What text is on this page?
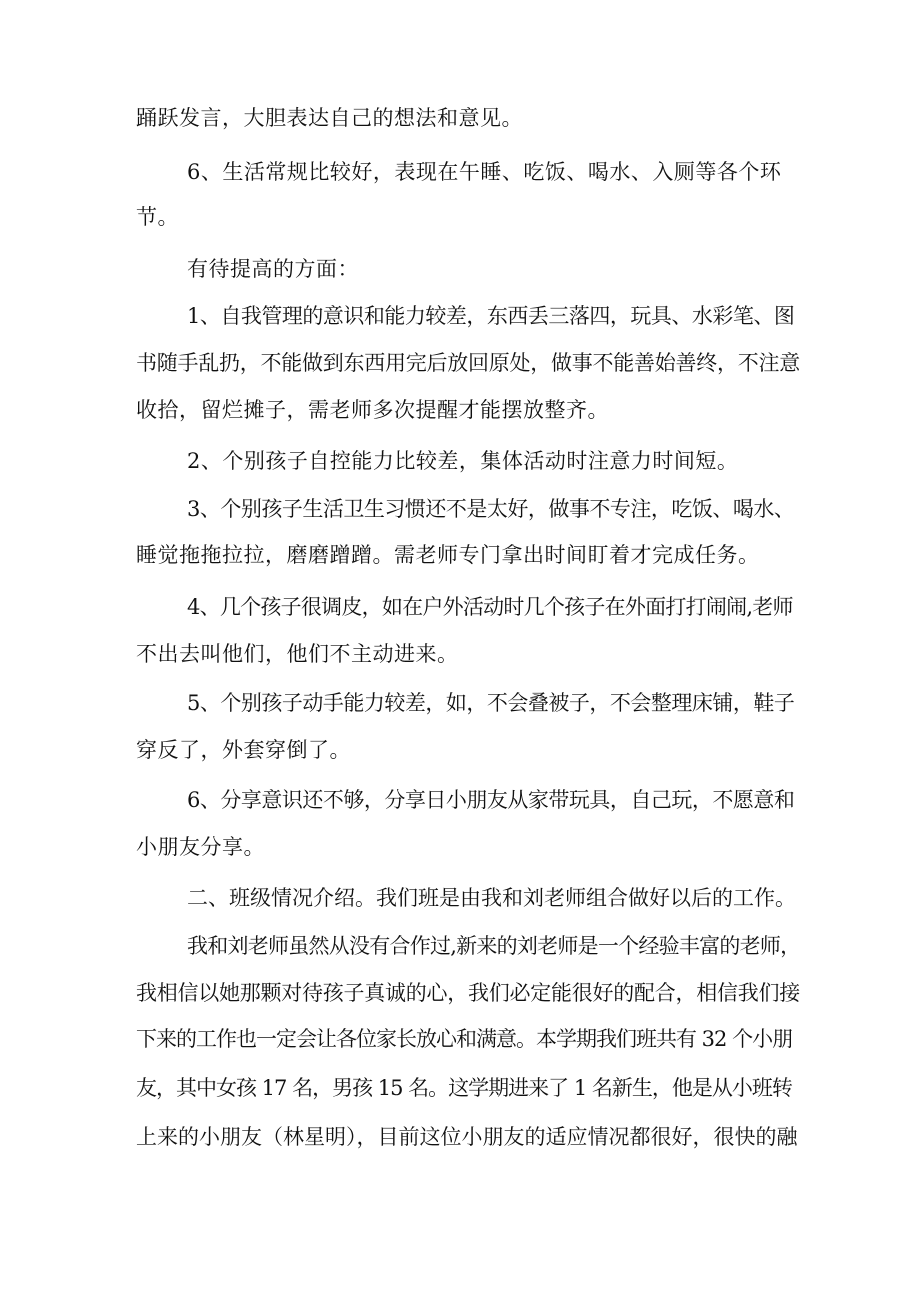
踊跃发言，大胆表达自己的想法和意见。
6、生活常规比较好，表现在午睡、吃饭、喝水、入厕等各个环
节。
有待提高的方面：
1、自我管理的意识和能力较差，东西丢三落四，玩具、水彩笔、图
书随手乱扔，不能做到东西用完后放回原处，做事不能善始善终，不注意
收拾，留烂摊子，需老师多次提醒才能摆放整齐。
2、个别孩子自控能力比较差，集体活动时注意力时间短。
3、个别孩子生活卫生习惯还不是太好，做事不专注，吃饭、喝水、
睡觉拖拖拉拉，磨磨蹭蹭。需老师专门拿出时间盯着才完成任务。
4、几个孩子很调皮，如在户外活动时几个孩子在外面打打闹闹,老师
不出去叫他们，他们不主动进来。
5、个别孩子动手能力较差，如，不会叠被子，不会整理床铺，鞋子
穿反了，外套穿倒了。
6、分享意识还不够，分享日小朋友从家带玩具，自己玩，不愿意和
小朋友分享。
二、班级情况介绍。我们班是由我和刘老师组合做好以后的工作。
我和刘老师虽然从没有合作过,新来的刘老师是一个经验丰富的老师，
我相信以她那颗对待孩子真诚的心，我们必定能很好的配合，相信我们接
下来的工作也一定会让各位家长放心和满意。本学期我们班共有 32 个小朋
友，其中女孩 17 名，男孩 15 名。这学期进来了 1 名新生，他是从小班转
上来的小朋友（林星明），目前这位小朋友的适应情况都很好，很快的融
